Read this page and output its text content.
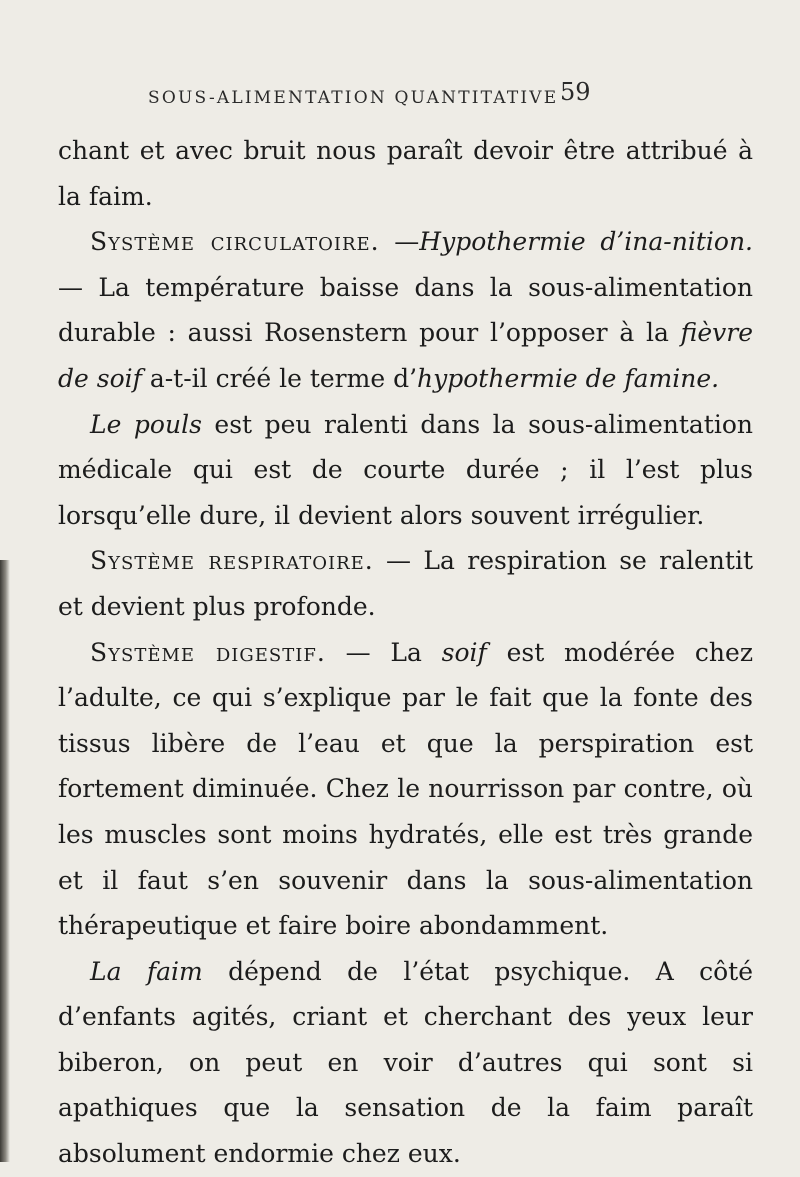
SOUS-ALIMENTATION QUANTITATIVE 59

chant et avec bruit nous paraît devoir être attribué à la faim.

Système circulatoire. —Hypothermie d’ina-nition. — La température baisse dans la sous-alimentation durable : aussi Rosenstern pour l’opposer à la fièvre de soif a-t-il créé le terme d’hypothermie de famine.

Le pouls est peu ralenti dans la sous-alimentation médicale qui est de courte durée ; il l’est plus lorsqu’elle dure, il devient alors souvent irrégulier.

Système respiratoire. — La respiration se ralentit et devient plus profonde.

Système digestif. — La soif est modérée chez l’adulte, ce qui s’explique par le fait que la fonte des tissus libère de l’eau et que la perspiration est fortement diminuée. Chez le nourrisson par contre, où les muscles sont moins hydratés, elle est très grande et il faut s’en souvenir dans la sous-alimentation thérapeutique et faire boire abondamment.

La faim dépend de l’état psychique. A côté d’enfants agités, criant et cherchant des yeux leur biberon, on peut en voir d’autres qui sont si apathiques que la sensation de la faim paraît absolument endormie chez eux.
